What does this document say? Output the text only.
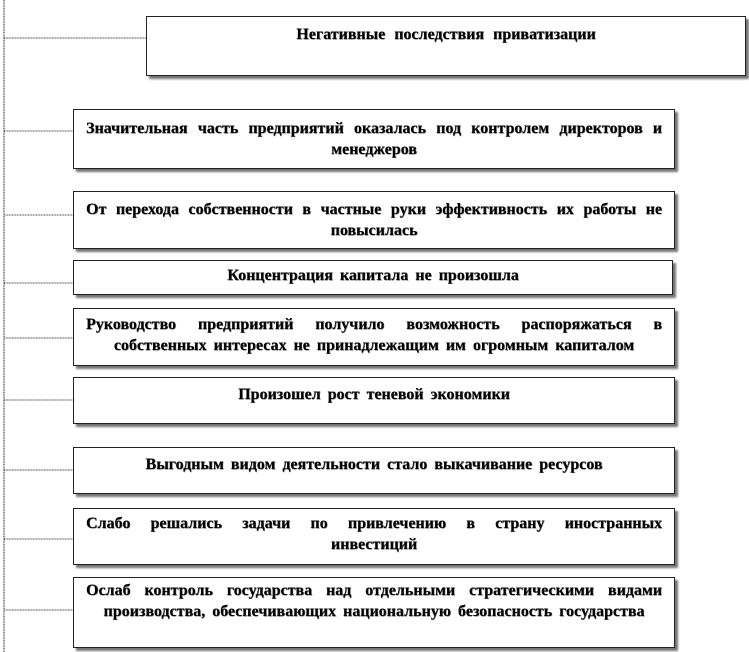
Негативные последствия приватизации
Значительная часть предприятий оказалась под контролем директоров и менеджеров
От перехода собственности в частные руки эффективность их работы не повысилась
Концентрация капитала не произошла
Руководство предприятий получило возможность распоряжаться в собственных интересах не принадлежащим им огромным капиталом
Произошел рост теневой экономики
Выгодным видом деятельности стало выкачивание ресурсов
Слабо решались задачи по привлечению в страну иностранных инвестиций
Ослаб контроль государства над отдельными стратегическими видами производства, обеспечивающих национальную безопасность государства
